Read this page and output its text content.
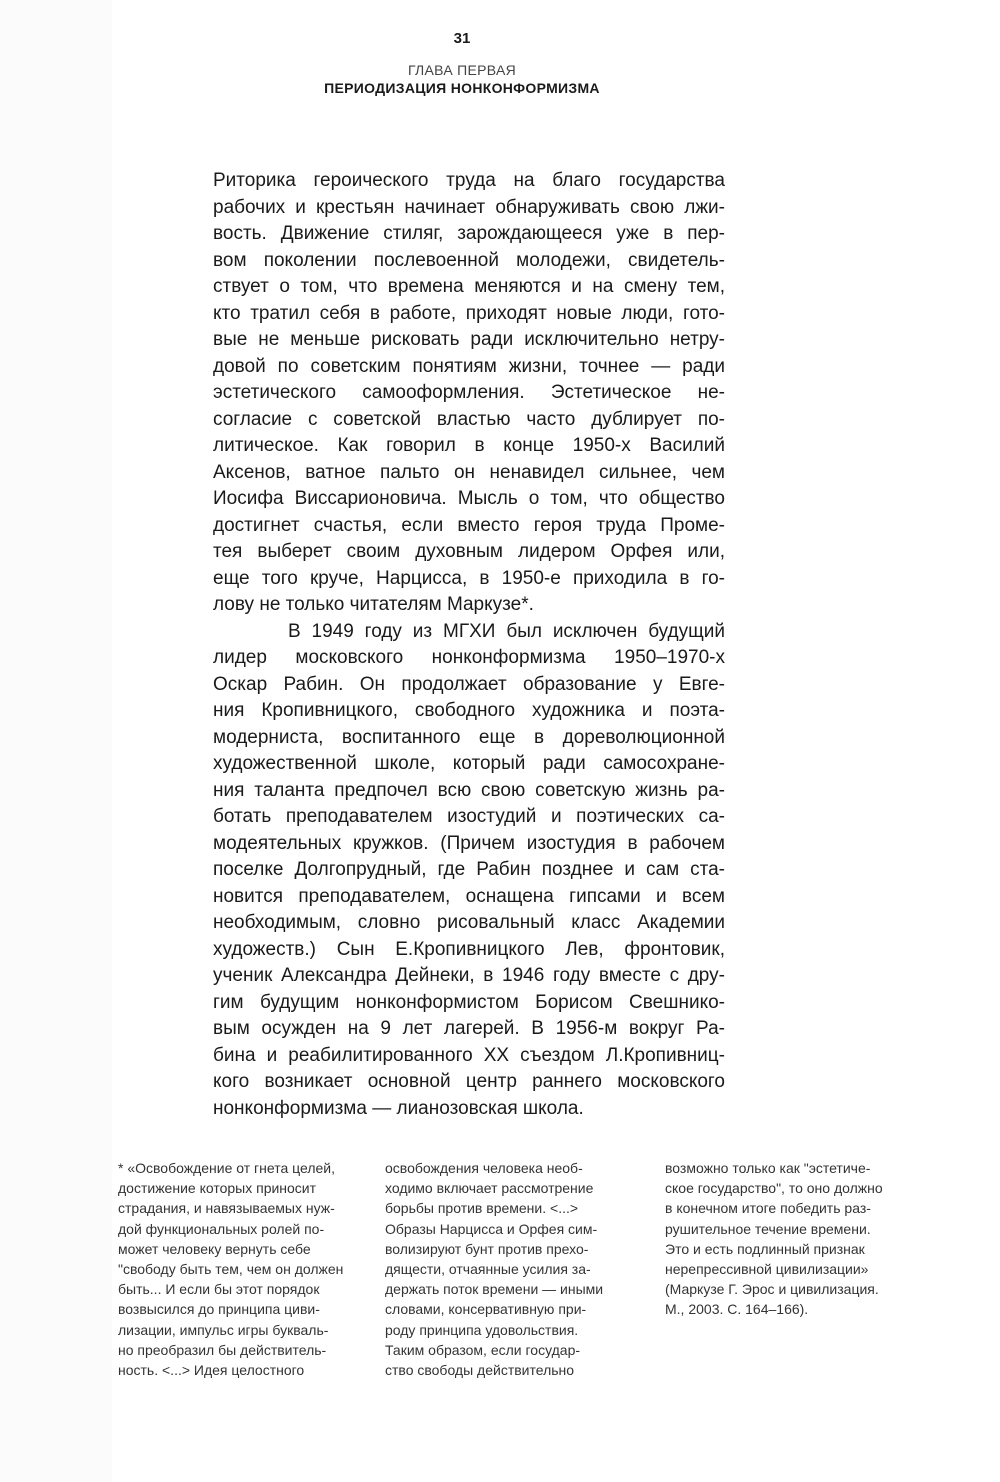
31
ГЛАВА ПЕРВАЯ
ПЕРИОДИЗАЦИЯ НОНКОНФОРМИЗМА
Риторика героического труда на благо государства
рабочих и крестьян начинает обнаруживать свою лжи-
вость. Движение стиляг, зарождающееся уже в пер-
вом поколении послевоенной молодежи, свидетель-
ствует о том, что времена меняются и на смену тем,
кто тратил себя в работе, приходят новые люди, гото-
вые не меньше рисковать ради исключительно нетру-
довой по советским понятиям жизни, точнее — ради
эстетического самооформления. Эстетическое не-
согласие с советской властью часто дублирует по-
литическое. Как говорил в конце 1950-х Василий
Аксенов, ватное пальто он ненавидел сильнее, чем
Иосифа Виссарионовича. Мысль о том, что общество
достигнет счастья, если вместо героя труда Проме-
тея выберет своим духовным лидером Орфея или,
еще того круче, Нарцисса, в 1950-е приходила в го-
лову не только читателям Маркузе*.
В 1949 году из МГХИ был исключен будущий
лидер московского нонконформизма 1950–1970-х
Оскар Рабин. Он продолжает образование у Евге-
ния Кропивницкого, свободного художника и поэта-
модерниста, воспитанного еще в дореволюционной
художественной школе, который ради самосохране-
ния таланта предпочел всю свою советскую жизнь ра-
ботать преподавателем изостудий и поэтических са-
модеятельных кружков. (Причем изостудия в рабочем
поселке Долгопрудный, где Рабин позднее и сам ста-
новится преподавателем, оснащена гипсами и всем
необходимым, словно рисовальный класс Академии
художеств.) Сын Е.Кропивницкого Лев, фронтовик,
ученик Александра Дейнеки, в 1946 году вместе с дру-
гим будущим нонконформистом Борисом Свешнико-
вым осужден на 9 лет лагерей. В 1956-м вокруг Ра-
бина и реабилитированного XX съездом Л.Кропивниц-
кого возникает основной центр раннего московского
нонконформизма — лианозовская школа.
* «Освобождение от гнета целей,
достижение которых приносит
страдания, и навязываемых нуж-
дой функциональных ролей по-
может человеку вернуть себе
"свободу быть тем, чем он должен
быть... И если бы этот порядок
возвысился до принципа циви-
лизации, импульс игры букваль-
но преобразил бы действитель-
ность. <...> Идея целостного
освобождения человека необ-
ходимо включает рассмотрение
борьбы против времени. <...>
Образы Нарцисса и Орфея сим-
волизируют бунт против прехо-
дящести, отчаянные усилия за-
держать поток времени — иными
словами, консервативную при-
роду принципа удовольствия.
Таким образом, если государ-
ство свободы действительно
возможно только как "эстетиче-
ское государство", то оно должно
в конечном итоге победить раз-
рушительное течение времени.
Это и есть подлинный признак
нерепрессивной цивилизации»
(Маркузе Г. Эрос и цивилизация.
М., 2003. С. 164–166).
